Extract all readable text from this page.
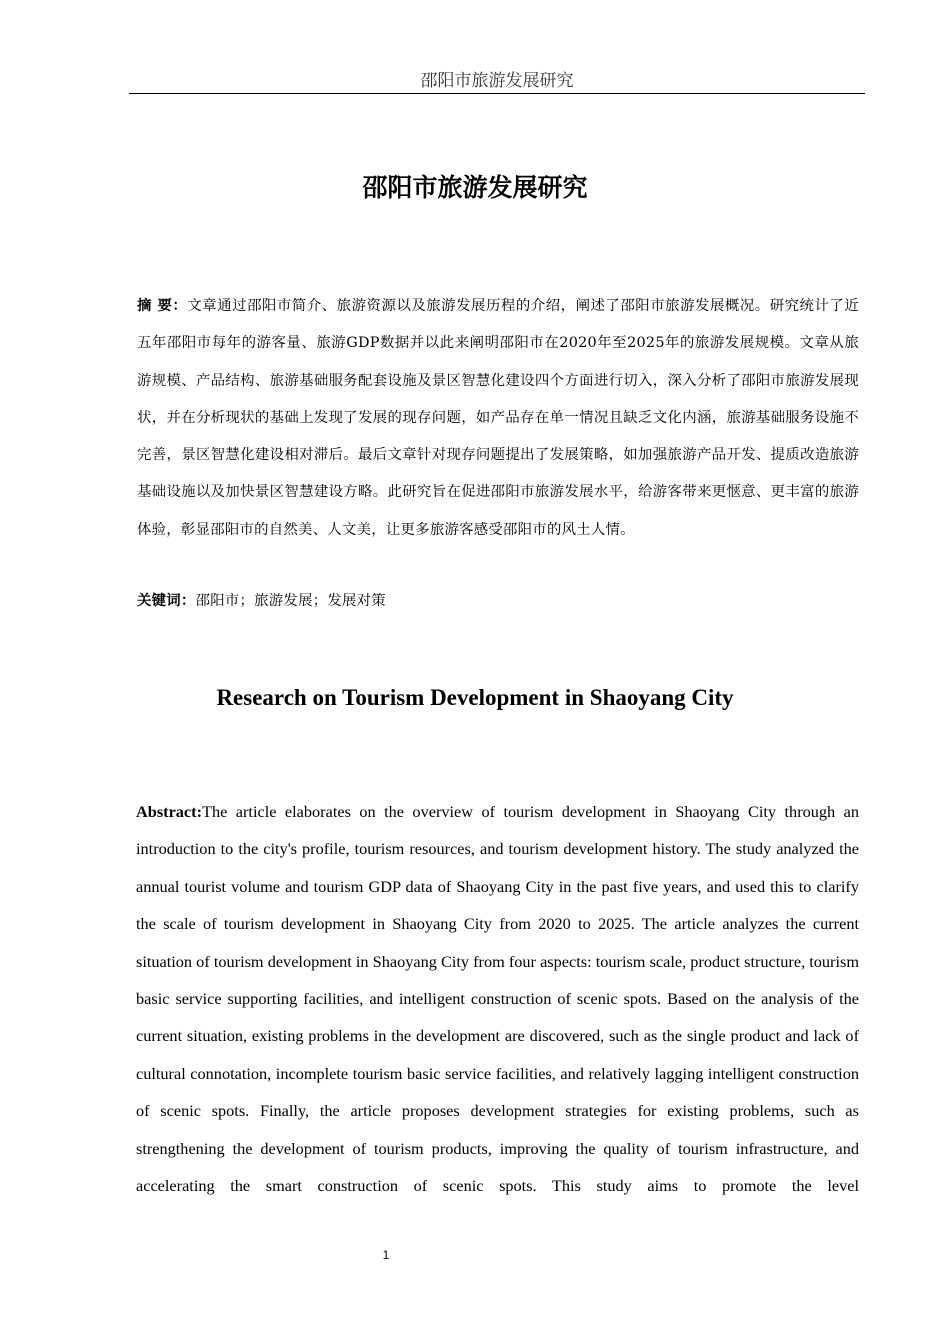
邵阳市旅游发展研究
邵阳市旅游发展研究
摘 要：文章通过邵阳市简介、旅游资源以及旅游发展历程的介绍，阐述了邵阳市旅游发展概况。研究统计了近五年邵阳市每年的游客量、旅游GDP数据并以此来阐明邵阳市在2020年至2025年的旅游发展规模。文章从旅游规模、产品结构、旅游基础服务配套设施及景区智慧化建设四个方面进行切入，深入分析了邵阳市旅游发展现状，并在分析现状的基础上发现了发展的现存问题，如产品存在单一情况且缺乏文化内涵，旅游基础服务设施不完善，景区智慧化建设相对滞后。最后文章针对现存问题提出了发展策略，如加强旅游产品开发、提质改造旅游基础设施以及加快景区智慧建设方略。此研究旨在促进邵阳市旅游发展水平，给游客带来更惬意、更丰富的旅游体验，彰显邵阳市的自然美、人文美，让更多旅游客感受邵阳市的风土人情。
关键词：邵阳市；旅游发展；发展对策
Research on Tourism Development in Shaoyang City
Abstract:The article elaborates on the overview of tourism development in Shaoyang City through an introduction to the city's profile, tourism resources, and tourism development history. The study analyzed the annual tourist volume and tourism GDP data of Shaoyang City in the past five years, and used this to clarify the scale of tourism development in Shaoyang City from 2020 to 2025. The article analyzes the current situation of tourism development in Shaoyang City from four aspects: tourism scale, product structure, tourism basic service supporting facilities, and intelligent construction of scenic spots. Based on the analysis of the current situation, existing problems in the development are discovered, such as the single product and lack of cultural connotation, incomplete tourism basic service facilities, and relatively lagging intelligent construction of scenic spots. Finally, the article proposes development strategies for existing problems, such as strengthening the development of tourism products, improving the quality of tourism infrastructure, and accelerating the smart construction of scenic spots. This study aims to promote the level
1
